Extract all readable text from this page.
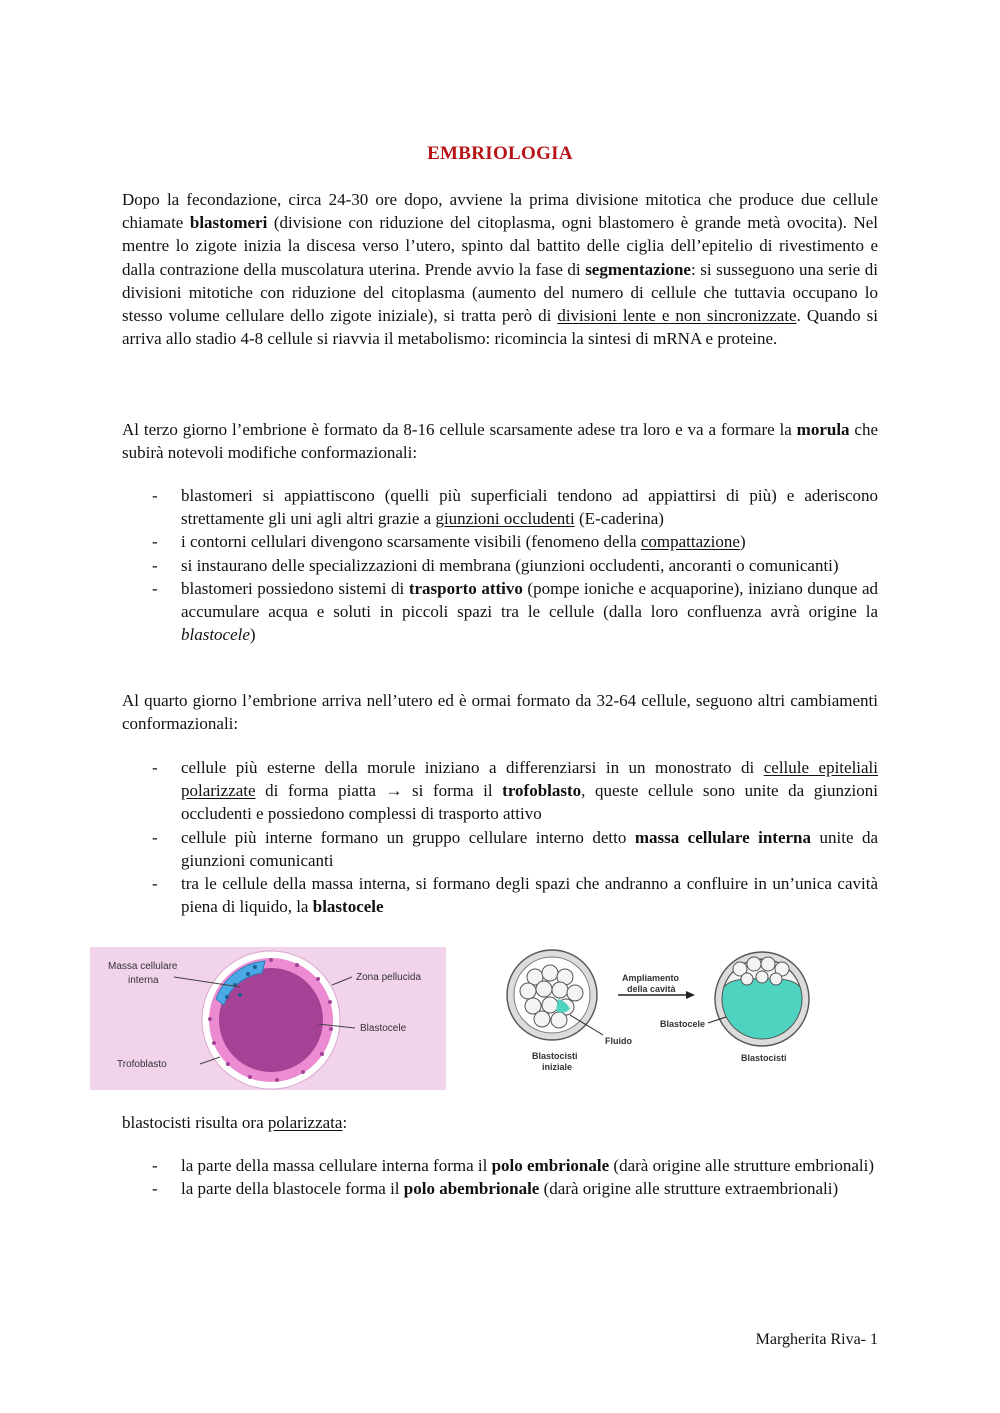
EMBRIOLOGIA

Dopo la fecondazione, circa 24-30 ore dopo, avviene la prima divisione mitotica che produce due cellule chiamate blastomeri (divisione con riduzione del citoplasma, ogni blastomero è grande metà ovocita). Nel mentre lo zigote inizia la discesa verso l’utero, spinto dal battito delle ciglia dell’epitelio di rivestimento e dalla contrazione della muscolatura uterina. Prende avvio la fase di segmentazione: si susseguono una serie di divisioni mitotiche con riduzione del citoplasma (aumento del numero di cellule che tuttavia occupano lo stesso volume cellulare dello zigote iniziale), si tratta però di divisioni lente e non sincronizzate. Quando si arriva allo stadio 4-8 cellule si riavvia il metabolismo: ricomincia la sintesi di mRNA e proteine.

Al terzo giorno l’embrione è formato da 8-16 cellule scarsamente adese tra loro e va a formare la morula che subirà notevoli modifiche conformazionali:

- blastomeri si appiattiscono (quelli più superficiali tendono ad appiattirsi di più) e aderiscono strettamente gli uni agli altri grazie a giunzioni occludenti (E-caderina)
- i contorni cellulari divengono scarsamente visibili (fenomeno della compattazione)
- si instaurano delle specializzazioni di membrana (giunzioni occludenti, ancoranti o comunicanti)
- blastomeri possiedono sistemi di trasporto attivo (pompe ioniche e acquaporine), iniziano dunque ad accumulare acqua e soluti in piccoli spazi tra le cellule (dalla loro confluenza avrà origine la blastocele)

Al quarto giorno l’embrione arriva nell’utero ed è ormai formato da 32-64 cellule, seguono altri cambiamenti conformazionali:

- cellule più esterne della morule iniziano a differenziarsi in un monostrato di cellule epiteliali polarizzate di forma piatta → si forma il trofoblasto, queste cellule sono unite da giunzioni occludenti e possiedono complessi di trasporto attivo
- cellule più interne formano un gruppo cellulare interno detto massa cellulare interna unite da giunzioni comunicanti
- tra le cellule della massa interna, si formano degli spazi che andranno a confluire in un’unica cavità piena di liquido, la blastocele

blastocisti risulta ora polarizzata:

- la parte della massa cellulare interna forma il polo embrionale (darà origine alle strutture embrionali)
- la parte della blastocele forma il polo abembrionale (darà origine alle strutture extraembrionali)
Massa cellulare
interna	Zona pellucida
Blastocele
Trofoblasto
Ampliamento
della cavità
Blastocele
Fluido
Blastocisti
iniziale
Blastocisti
Margherita Riva- 1
